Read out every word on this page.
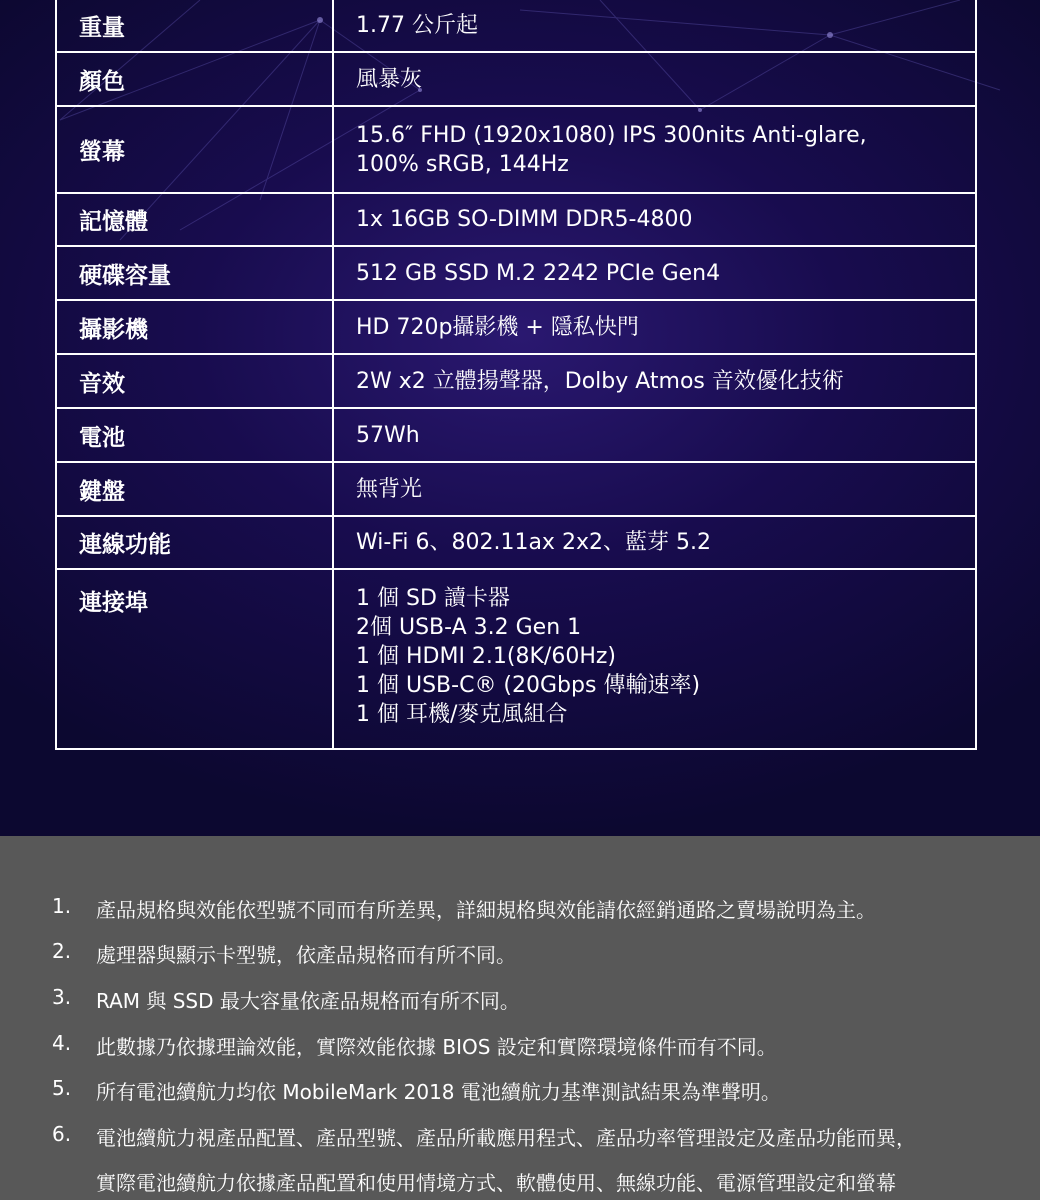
重量	1.77 公斤起

顏色	風暴灰

螢幕	15.6″ FHD (1920x1080) IPS 300nits Anti-glare,
100% sRGB, 144Hz

記憶體	1x 16GB SO-DIMM DDR5-4800

硬碟容量	512 GB SSD M.2 2242 PCIe Gen4

攝影機	HD 720p攝影機 + 隱私快門

音效	2W x2 立體揚聲器，Dolby Atmos 音效優化技術

電池	57Wh

鍵盤	無背光

連線功能	Wi-Fi 6、802.11ax 2x2、藍芽 5.2

連接埠	1 個 SD 讀卡器
2個 USB-A 3.2 Gen 1
1 個 HDMI 2.1(8K/60Hz)
1 個 USB-C® (20Gbps 傳輸速率)
1 個 耳機/麥克風組合
1.	產品規格與效能依型號不同而有所差異，詳細規格與效能請依經銷通路之賣場說明為主。
2.	處理器與顯示卡型號，依產品規格而有所不同。
3.	RAM 與 SSD 最大容量依產品規格而有所不同。
4.	此數據乃依據理論效能，實際效能依據 BIOS 設定和實際環境條件而有不同。
5.	所有電池續航力均依 MobileMark 2018 電池續航力基準測試結果為準聲明。
6.	電池續航力視產品配置、產品型號、產品所載應用程式、產品功率管理設定及產品功能而異，
實際電池續航力依據產品配置和使用情境方式、軟體使用、無線功能、電源管理設定和螢幕
